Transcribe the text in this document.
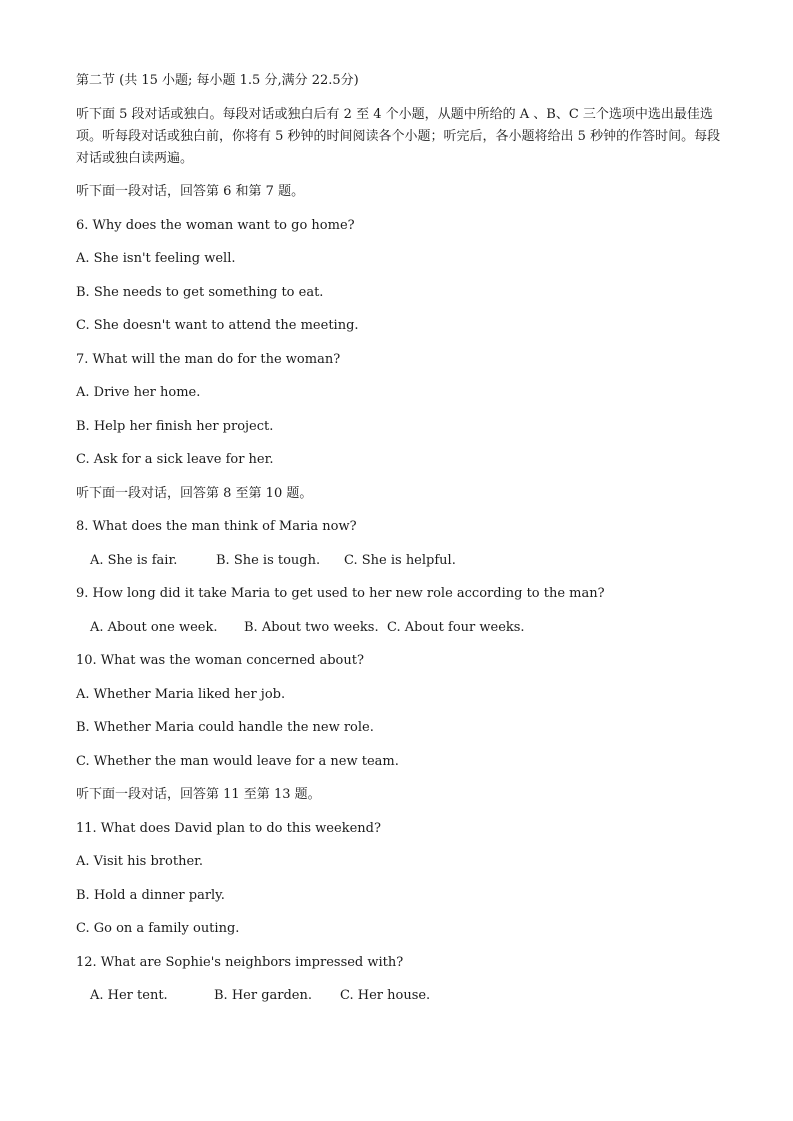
第二节 (共 15 小题; 每小题 1.5 分,满分 22.5分)
听下面 5 段对话或独白。每段对话或独白后有 2 至 4 个小题，从题中所给的 A 、B、C 三个选项中选出最佳选项。听每段对话或独白前，你将有 5 秒钟的时间阅读各个小题；听完后，各小题将给出 5 秒钟的作答时间。每段对话或独白读两遍。
听下面一段对话，回答第 6 和第 7 题。
6. Why does the woman want to go home?
A. She isn't feeling well.
B. She needs to get something to eat.
C. She doesn't want to attend the meeting.
7. What will the man do for the woman?
A. Drive her home.
B. Help her finish her project.
C. Ask for a sick leave for her.
听下面一段对话，回答第 8 至第 10 题。
8. What does the man think of Maria now?
A. She is fair.	B. She is tough.	C. She is helpful.
9. How long did it take Maria to get used to her new role according to the man?
A. About one week.	B. About two weeks. C. About four weeks.
10. What was the woman concerned about?
A. Whether Maria liked her job.
B. Whether Maria could handle the new role.
C. Whether the man would leave for a new team.
听下面一段对话，回答第 11 至第 13 题。
11. What does David plan to do this weekend?
A. Visit his brother.
B. Hold a dinner parly.
C. Go on a family outing.
12. What are Sophie's neighbors impressed with?
A. Her tent.	B. Her garden.	C. Her house.
